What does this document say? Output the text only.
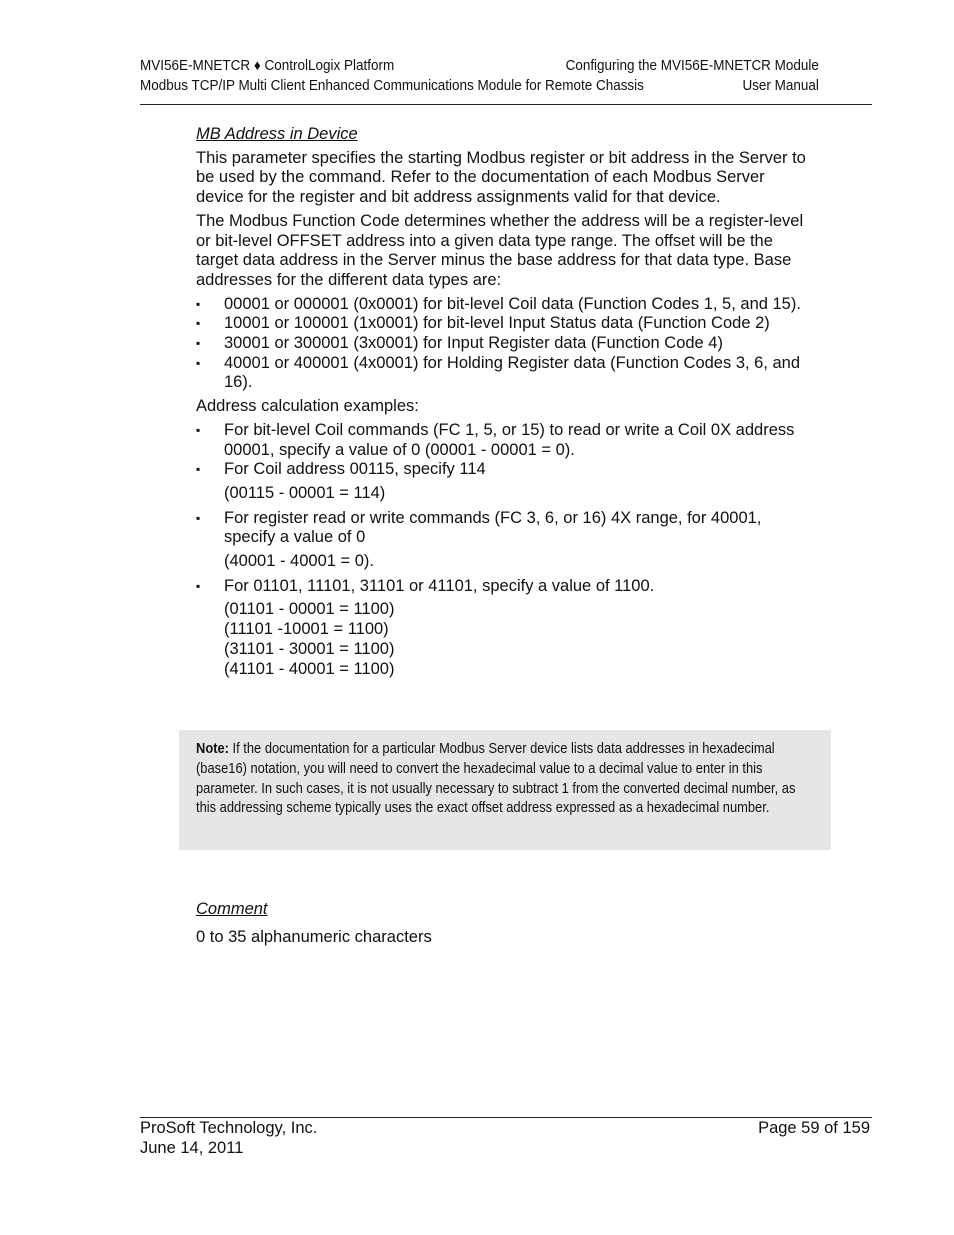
MVI56E-MNETCR ♦ ControlLogix Platform	Configuring the MVI56E-MNETCR Module
Modbus TCP/IP Multi Client Enhanced Communications Module for Remote Chassis	User Manual
MB Address in Device

This parameter specifies the starting Modbus register or bit address in the Server to be used by the command. Refer to the documentation of each Modbus Server device for the register and bit address assignments valid for that device.

The Modbus Function Code determines whether the address will be a register-level or bit-level OFFSET address into a given data type range. The offset will be the target data address in the Server minus the base address for that data type. Base addresses for the different data types are:

▪ 00001 or 000001 (0x0001) for bit-level Coil data (Function Codes 1, 5, and 15).
▪ 10001 or 100001 (1x0001) for bit-level Input Status data (Function Code 2)
▪ 30001 or 300001 (3x0001) for Input Register data (Function Code 4)
▪ 40001 or 400001 (4x0001) for Holding Register data (Function Codes 3, 6, and 16).

Address calculation examples:

▪ For bit-level Coil commands (FC 1, 5, or 15) to read or write a Coil 0X address 00001, specify a value of 0 (00001 - 00001 = 0).
▪ For Coil address 00115, specify 114
(00115 - 00001 = 114)
▪ For register read or write commands (FC 3, 6, or 16) 4X range, for 40001, specify a value of 0
(40001 - 40001 = 0).
▪ For 01101, 11101, 31101 or 41101, specify a value of 1100.
(01101 - 00001 = 1100)
(11101 -10001 = 1100)
(31101 - 30001 = 1100)
(41101 - 40001 = 1100)
Note: If the documentation for a particular Modbus Server device lists data addresses in hexadecimal (base16) notation, you will need to convert the hexadecimal value to a decimal value to enter in this parameter. In such cases, it is not usually necessary to subtract 1 from the converted decimal number, as this addressing scheme typically uses the exact offset address expressed as a hexadecimal number.
Comment
0 to 35 alphanumeric characters
ProSoft Technology, Inc.	Page 59 of 159
June 14, 2011
